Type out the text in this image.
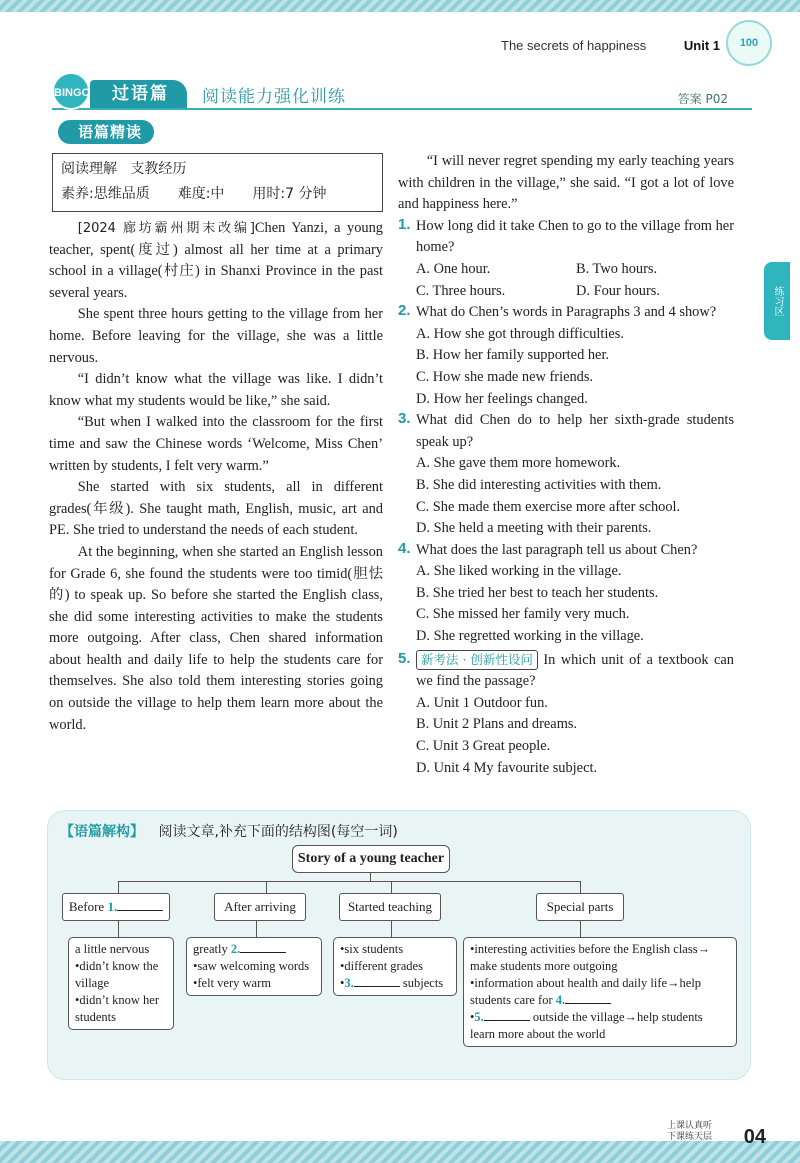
The secrets of happiness	Unit 1	100
BINGO	过语篇	阅读能力强化训练	答案 P02
语篇精读
练习区
阅读理解 支教经历
素养:思维品质　　难度:中　　用时:7 分钟

[2024 廊坊霸州期末改编]Chen Yanzi, a young teacher, spent(度过) almost all her time at a primary school in a village(村庄) in Shanxi Province in the past several years.

She spent three hours getting to the village from her home. Before leaving for the village, she was a little nervous.

“I didn’t know what the village was like. I didn’t know what my students would be like,” she said.

“But when I walked into the classroom for the first time and saw the Chinese words ‘Welcome, Miss Chen’ written by students, I felt very warm.”

She started with six students, all in different grades(年级). She taught math, English, music, art and PE. She tried to understand the needs of each student.

At the beginning, when she started an English lesson for Grade 6, she found the students were too timid(胆怯的) to speak up. So before she started the English class, she did some interesting activities to make the students more outgoing. After class, Chen shared information about health and daily life to help the students care for themselves. She also told them interesting stories going on outside the village to help them learn more about the world.

“I will never regret spending my early teaching years with children in the village,” she said. “I got a lot of love and happiness here.”

1. How long did it take Chen to go to the village from her home?
A. One hour.	B. Two hours.
C. Three hours.	D. Four hours.
2. What do Chen’s words in Paragraphs 3 and 4 show?
A. How she got through difficulties.
B. How her family supported her.
C. How she made new friends.
D. How her feelings changed.
3. What did Chen do to help her sixth-grade students speak up?
A. She gave them more homework.
B. She did interesting activities with them.
C. She made them exercise more after school.
D. She held a meeting with their parents.
4. What does the last paragraph tell us about Chen?
A. She liked working in the village.
B. She tried her best to teach her students.
C. She missed her family very much.
D. She regretted working in the village.
5. 新考法 · 创新性设问 In which unit of a textbook can we find the passage?
A. Unit 1 Outdoor fun.
B. Unit 2 Plans and dreams.
C. Unit 3 Great people.
D. Unit 4 My favourite subject.
【语篇解构】 阅读文章,补充下面的结构图(每空一词)
Story of a young teacher
Before 1.	After arriving	Started teaching	Special parts
a little nervous
•didn’t know the village
•didn’t know her students
greatly 2.
•saw welcoming words
•felt very warm
•six students
•different grades
•3.	subjects
•interesting activities before the English class→ make students more outgoing
•information about health and daily life→help students care for 4.
•5.	outside the village→help students learn more about the world
上课认真听
下课练天层 04
